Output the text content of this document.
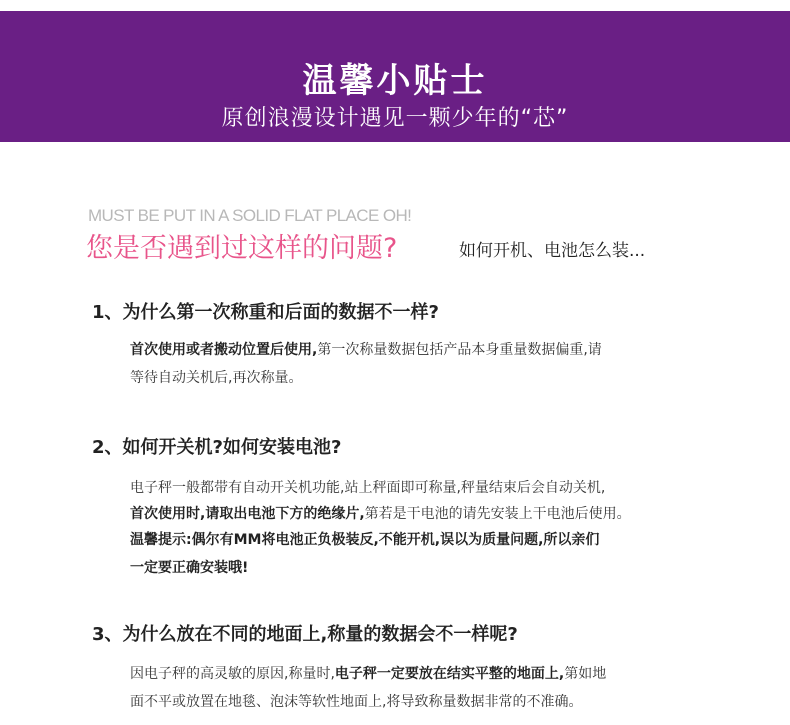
温馨小贴士
原创浪漫设计遇见一颗少年的“芯”
MUST BE PUT IN A SOLID FLAT PLACE OH!
您是否遇到过这样的问题?	如何开机、电池怎么装...
1、为什么第一次称重和后面的数据不一样?
首次使用或者搬动位置后使用,第一次称量数据包括产品本身重量数据偏重,请
等待自动关机后,再次称量。
2、如何开关机?如何安装电池?
电子秤一般都带有自动开关机功能,站上秤面即可称量,秤量结束后会自动关机,
首次使用时,请取出电池下方的绝缘片,第若是干电池的请先安装上干电池后使用。
温馨提示:偶尔有MM将电池正负极装反,不能开机,误以为质量问题,所以亲们
一定要正确安装哦!
3、为什么放在不同的地面上,称量的数据会不一样呢?
因电子秤的高灵敏的原因,称量时,电子秤一定要放在结实平整的地面上,第如地
面不平或放置在地毯、泡沫等软性地面上,将导致称量数据非常的不准确。
